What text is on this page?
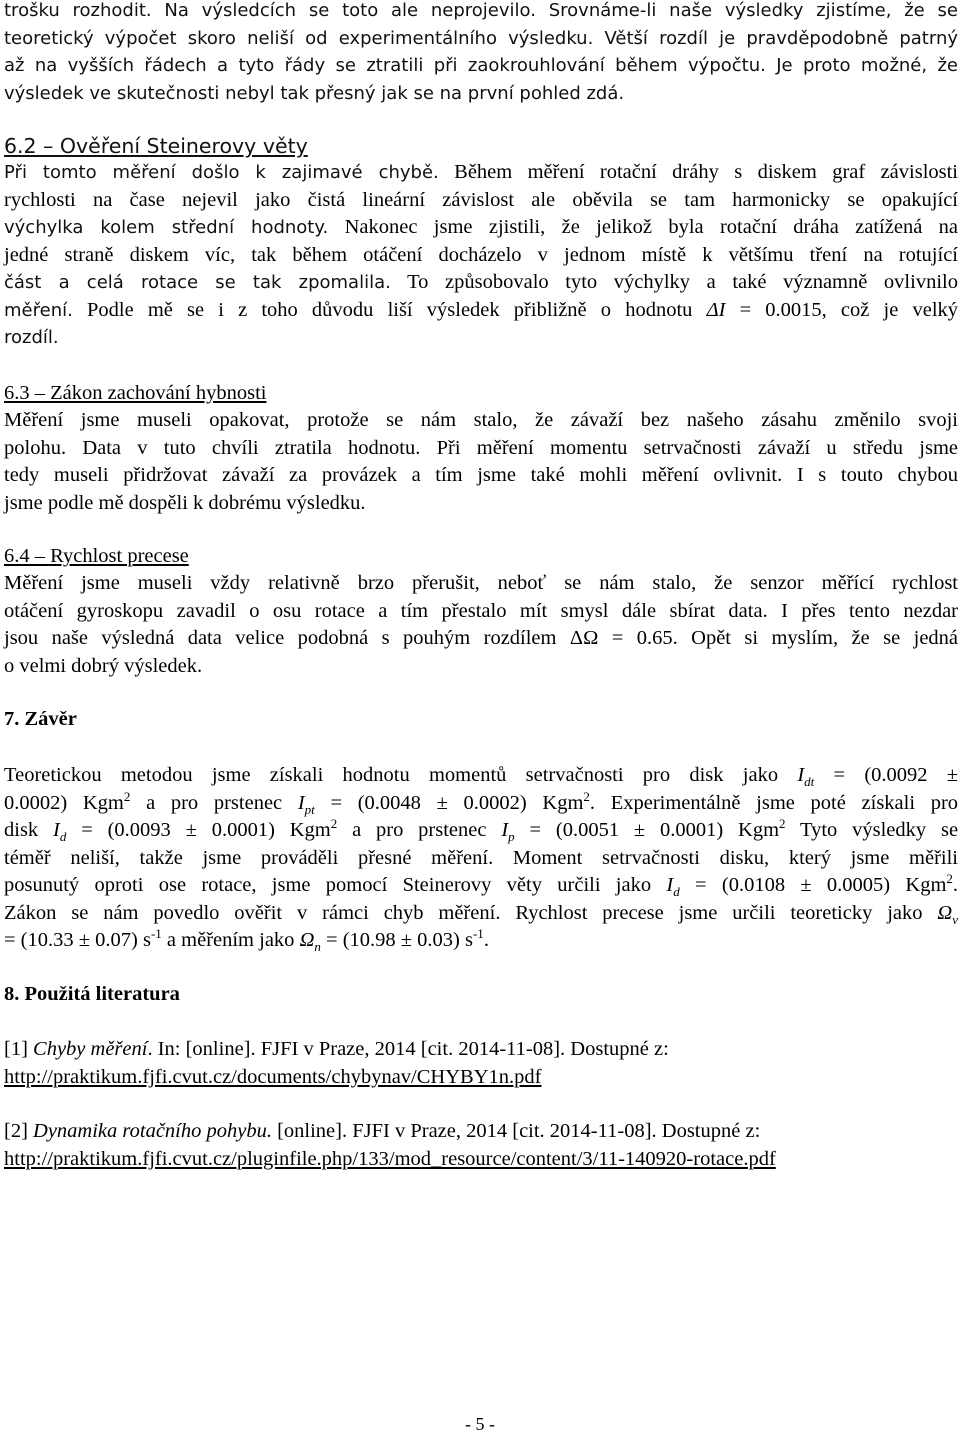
trošku rozhodit. Na výsledcích se toto ale neprojevilo. Srovnáme-li naše výsledky zjistíme, že se
teoretický výpočet skoro neliší od experimentálního výsledku. Větší rozdíl je pravděpodobně patrný
až na vyšších řádech a tyto řády se ztratili při zaokrouhlování během výpočtu. Je proto možné, že
výsledek ve skutečnosti nebyl tak přesný jak se na první pohled zdá.
6.2 – Ověření Steinerovy věty
Při tomto měření došlo k zajimavé chybě. Během měření rotační dráhy s diskem graf závislosti
rychlosti na čase nejevil jako čistá lineární závislost ale oběvila se tam harmonicky se opakující
výchylka kolem střední hodnoty. Nakonec jsme zjistili, že jelikož byla rotační dráha zatížená na
jedné straně diskem víc, tak během otáčení docházelo v jednom místě k většímu tření na rotující
část a celá rotace se tak zpomalila. To způsobovalo tyto výchylky a také významně ovlivnilo
měření. Podle mě se i z toho důvodu liší výsledek přibližně o hodnotu ΔI = 0.0015, což je velký
rozdíl.
6.3 – Zákon zachování hybnosti
Měření jsme museli opakovat, protože se nám stalo, že závaží bez našeho zásahu změnilo svoji
polohu. Data v tuto chvíli ztratila hodnotu. Při měření momentu setrvačnosti závaží u středu jsme
tedy museli přidržovat závaží za provázek a tím jsme také mohli měření ovlivnit. I s touto chybou
jsme podle mě dospěli k dobrému výsledku.
6.4 – Rychlost precese
Měření jsme museli vždy relativně brzo přerušit, neboť se nám stalo, že senzor měřící rychlost
otáčení gyroskopu zavadil o osu rotace a tím přestalo mít smysl dále sbírat data. I přes tento nezdar
jsou naše výsledná data velice podobná s pouhým rozdílem ΔΩ = 0.65. Opět si myslím, že se jedná
o velmi dobrý výsledek.
7. Závěr
Teoretickou metodou jsme získali hodnotu momentů setrvačnosti pro disk jako $I_{dt} = (0.0092$ ±
0.0002) Kgm$^2$ a pro prstenec $I_{pt} = (0.0048 \pm 0.0002)$ Kgm$^2$. Experimentálně jsme poté získali pro
disk $I_d = (0.0093 \pm 0.0001)$ Kgm$^2$ a pro prstenec $I_p = (0.0051 \pm 0.0001)$ Kgm$^2$ Tyto výsledky se
téměř neliší, takže jsme prováděli přesné měření. Moment setrvačnosti disku, který jsme měřili
posunutý oproti ose rotace, jsme pomocí Steinerovy věty určili jako $I_d = (0.0108 \pm 0.0005)$ Kgm$^2$.
Zákon se nám povedlo ověřit v rámci chyb měření. Rychlost precese jsme určili teoreticky jako $\Omega_v$
= (10.33 ± 0.07) $s^{-1}$ a měřením jako $\Omega_n = (10.98 \pm 0.03)$ $s^{-1}$.
8. Použitá literatura
[1] Chyby měření. In: [online]. FJFI v Praze, 2014 [cit. 2014-11-08]. Dostupné z:
http://praktikum.fjfi.cvut.cz/documents/chybynav/CHYBY1n.pdf
[2] Dynamika rotačního pohybu. [online]. FJFI v Praze, 2014 [cit. 2014-11-08]. Dostupné z:
http://praktikum.fjfi.cvut.cz/pluginfile.php/133/mod_resource/content/3/11-140920-rotace.pdf
- 5 -
